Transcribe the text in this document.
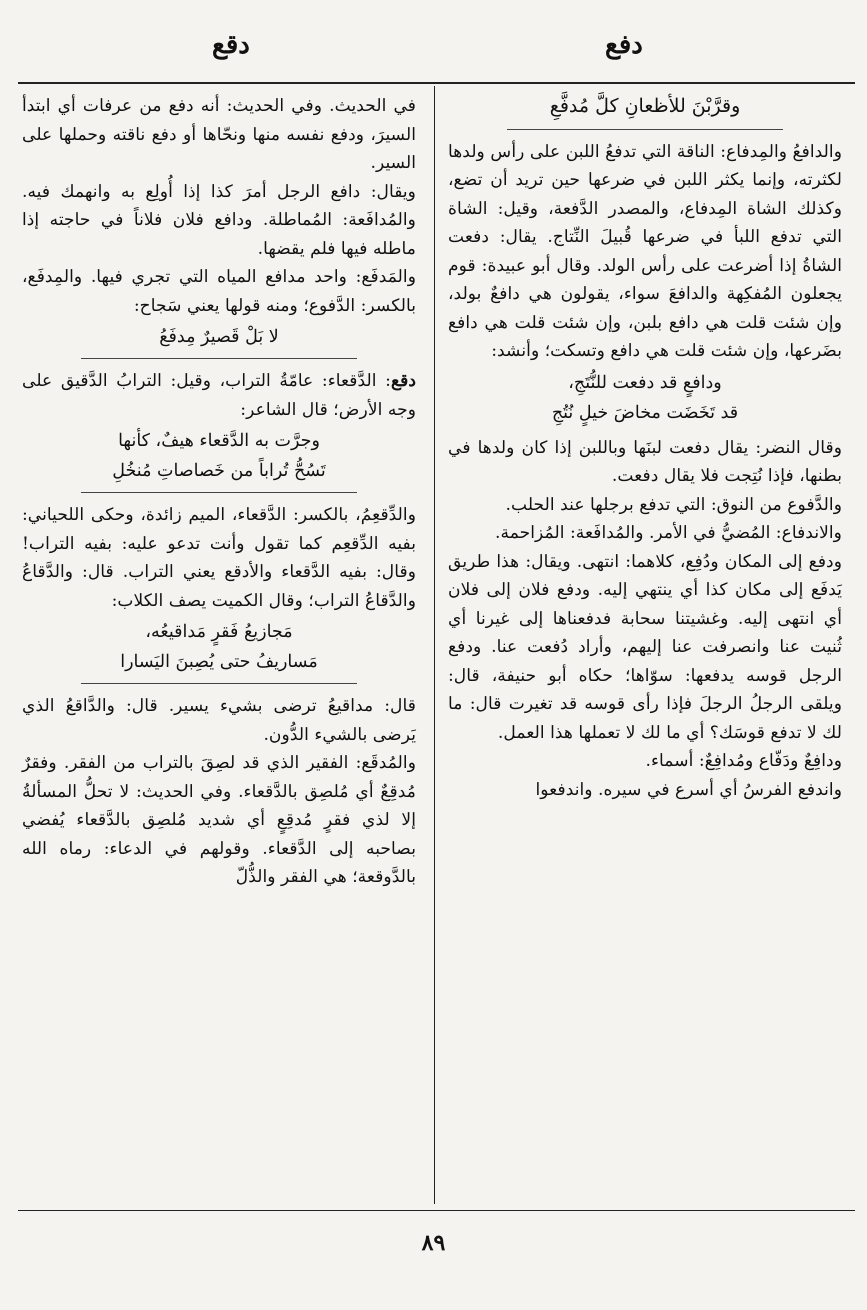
دفع
دقع

وقرَّبْنَ للأظعانِ كلَّ مُدفَّعِ

والدافعُ والمِدفاع: الناقة التي تدفعُ اللبن على رأس ولدها لكثرته، وإنما يكثر اللبن في ضرعها حين تريد أن تضع، وكذلك الشاة المِدفاع، والمصدر الدَّفعة، وقيل: الشاة التي تدفع اللبأ في ضرعها قُبيلَ النِّتاج. يقال: دفعت الشاةُ إذا أضرعت على رأس الولد. وقال أبو عبيدة: قوم يجعلون المُفكِهة والدافعَ سواء، يقولون هي دافعٌ بولد، وإن شئت قلت هي دافع بلبن، وإن شئت قلت هي دافع بضَرعها، وإن شئت قلت هي دافع وتسكت؛ وأنشد:

ودافعٍ قد دفعت للنُّتَجِ،
قد تَخَضَت مخاضَ خيلٍ نُتُجِ

وقال النضر: يقال دفعت لبنَها وباللبن إذا كان ولدها في بطنها، فإذا نُتِجت فلا يقال دفعت.

والدَّفوع من النوق: التي تدفع برجلها عند الحلب.

والاندفاع: المُضيُّ في الأمر. والمُدافَعة: المُزاحمة.

ودفع إلى المكان ودُفِع، كلاهما: انتهى. ويقال: هذا طريق يَدفَع إلى مكان كذا أي ينتهي إليه. ودفع فلان إلى فلان أي انتهى إليه. وغشيتنا سحابة فدفعناها إلى غيرنا أي ثُنيت عنا وانصرفت عنا إليهم، وأراد دُفعت عنا. ودفع الرجل قوسه يدفعها: سوّاها؛ حكاه أبو حنيفة، قال: ويلقى الرجلُ الرجلَ فإذا رأى قوسه قد تغيرت قال: ما لك لا تدفع قوسَك؟ أي ما لك لا تعملها هذا العمل.

ودافِعٌ ودَفّاع ومُدافِعٌ: أسماء.

واندفع الفرسُ أي أسرع في سيره. واندفعوا

في الحديث. وفي الحديث: أنه دفع من عرفات أي ابتدأ السيرَ، ودفع نفسه منها ونحّاها أو دفع ناقته وحملها على السير.

ويقال: دافع الرجل أمرَ كذا إذا أُولِع به وانهمك فيه. والمُدافَعة: المُماطلة. ودافع فلان فلاناً في حاجته إذا ماطله فيها فلم يقضها.

والمَدفَع: واحد مدافع المياه التي تجري فيها. والمِدفَع، بالكسر: الدَّفوع؛ ومنه قولها يعني سَجاح:

لا بَلْ قَصيرٌ مِدفَعُ

دقع: الدَّقعاء: عامّةُ التراب، وقيل: الترابُ الدَّقيق على وجه الأرض؛ قال الشاعر:

وجرَّت به الدَّقعاء هيفٌ، كأنها
تَسُحُّ تُراباً من خَصاصاتِ مُنخُلِ

والدِّقعِمُ، بالكسر: الدَّقعاء، الميم زائدة، وحكى اللحياني: بفيه الدِّقعِم كما تقول وأنت تدعو عليه: بفيه التراب! وقال: بفيه الدَّقعاء والأدقع يعني التراب. قال: والدَّقاعُ والدَّقاعُ التراب؛ وقال الكميت يصف الكلاب:

مَجازيعُ فَقرٍ مَداقيعُه،
مَساريفُ حتى يُصِبنَ اليَسارا

قال: مداقيعُ ترضى بشيء يسير. قال: والدَّاقعُ الذي يَرضى بالشيء الدُّون.

والمُدقَع: الفقير الذي قد لصِقَ بالتراب من الفقر. وفقرٌ مُدقِعٌ أي مُلصِق بالدَّقعاء. وفي الحديث: لا تحلُّ المسألةُ إلا لذي فقرٍ مُدقِعٍ أي شديد مُلصِق بالدَّقعاء يُفضي بصاحبه إلى الدَّقعاء. وقولهم في الدعاء: رماه الله بالدَّوقعة؛ هي الفقر والذُّلّ

٨٩
